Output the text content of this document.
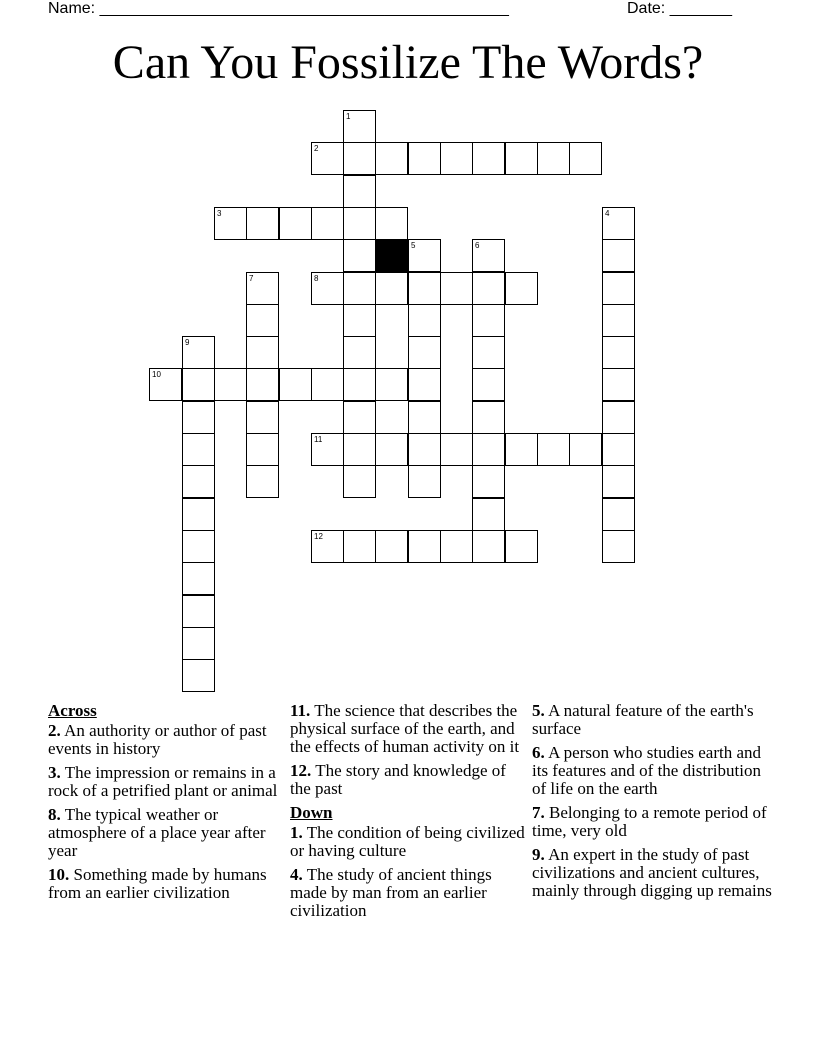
Name: ______________________________________________	Date: _______
Can You Fossilize The Words?
1
2
3	4
5	6
7	8
9
10
11
12
Across
2. An authority or author of past events in history
3. The impression or remains in a rock of a petrified plant or animal
8. The typical weather or atmosphere of a place year after year
10. Something made by humans from an earlier civilization
11. The science that describes the physical surface of the earth, and the effects of human activity on it
12. The story and knowledge of the past
Down
1. The condition of being civilized or having culture
4. The study of ancient things made by man from an earlier civilization
5. A natural feature of the earth's surface
6. A person who studies earth and its features and of the distribution of life on the earth
7. Belonging to a remote period of time, very old
9. An expert in the study of past civilizations and ancient cultures, mainly through digging up remains
